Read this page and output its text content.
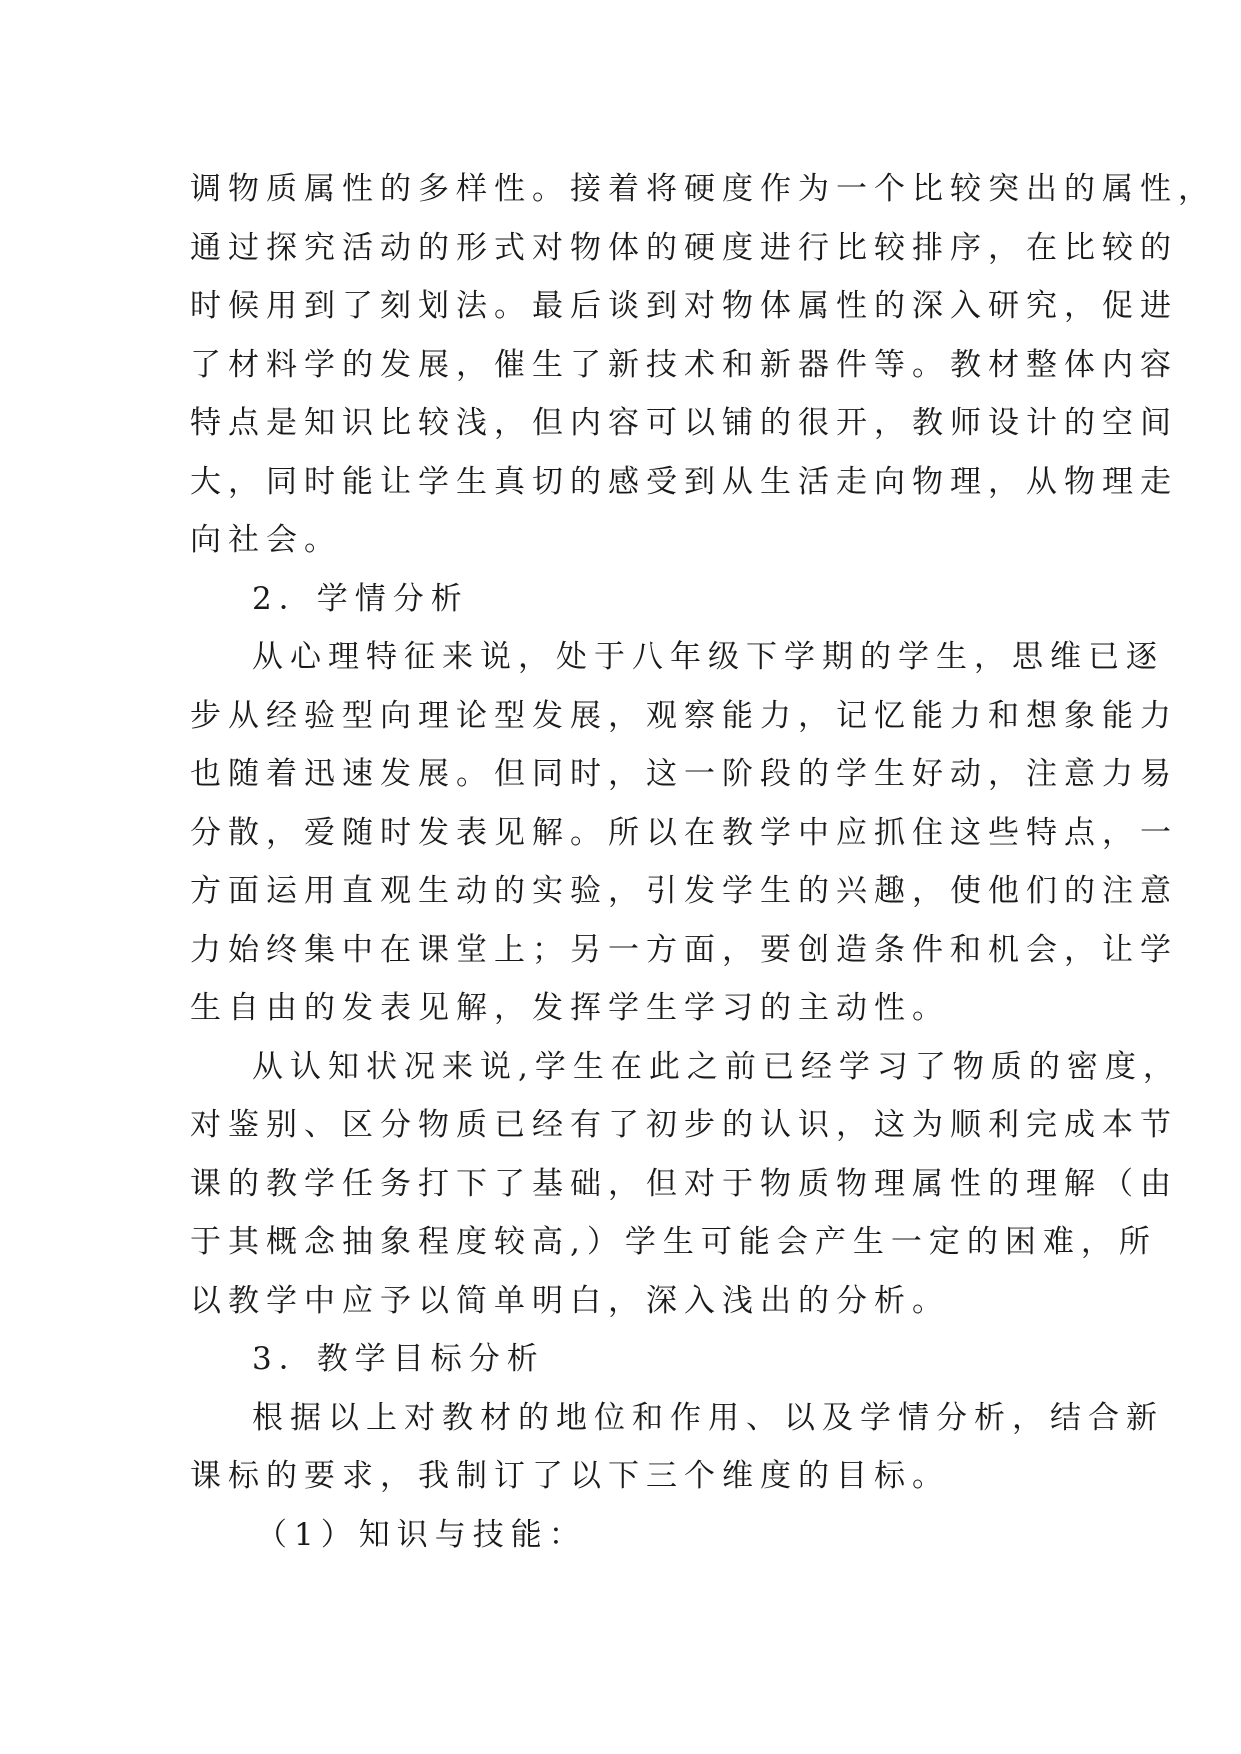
调物质属性的多样性。接着将硬度作为一个比较突出的属性，
通过探究活动的形式对物体的硬度进行比较排序，在比较的
时候用到了刻划法。最后谈到对物体属性的深入研究，促进
了材料学的发展，催生了新技术和新器件等。教材整体内容
特点是知识比较浅，但内容可以铺的很开，教师设计的空间
大，同时能让学生真切的感受到从生活走向物理，从物理走
向社会。
2．学情分析
从心理特征来说，处于八年级下学期的学生，思维已逐
步从经验型向理论型发展，观察能力，记忆能力和想象能力
也随着迅速发展。但同时，这一阶段的学生好动，注意力易
分散，爱随时发表见解。所以在教学中应抓住这些特点，一
方面运用直观生动的实验，引发学生的兴趣，使他们的注意
力始终集中在课堂上；另一方面，要创造条件和机会，让学
生自由的发表见解，发挥学生学习的主动性。
从认知状况来说,学生在此之前已经学习了物质的密度，
对鉴别、区分物质已经有了初步的认识，这为顺利完成本节
课的教学任务打下了基础，但对于物质物理属性的理解（由
于其概念抽象程度较高,）学生可能会产生一定的困难，所
以教学中应予以简单明白，深入浅出的分析。
3．教学目标分析
根据以上对教材的地位和作用、以及学情分析，结合新
课标的要求，我制订了以下三个维度的目标。
（1）知识与技能：
